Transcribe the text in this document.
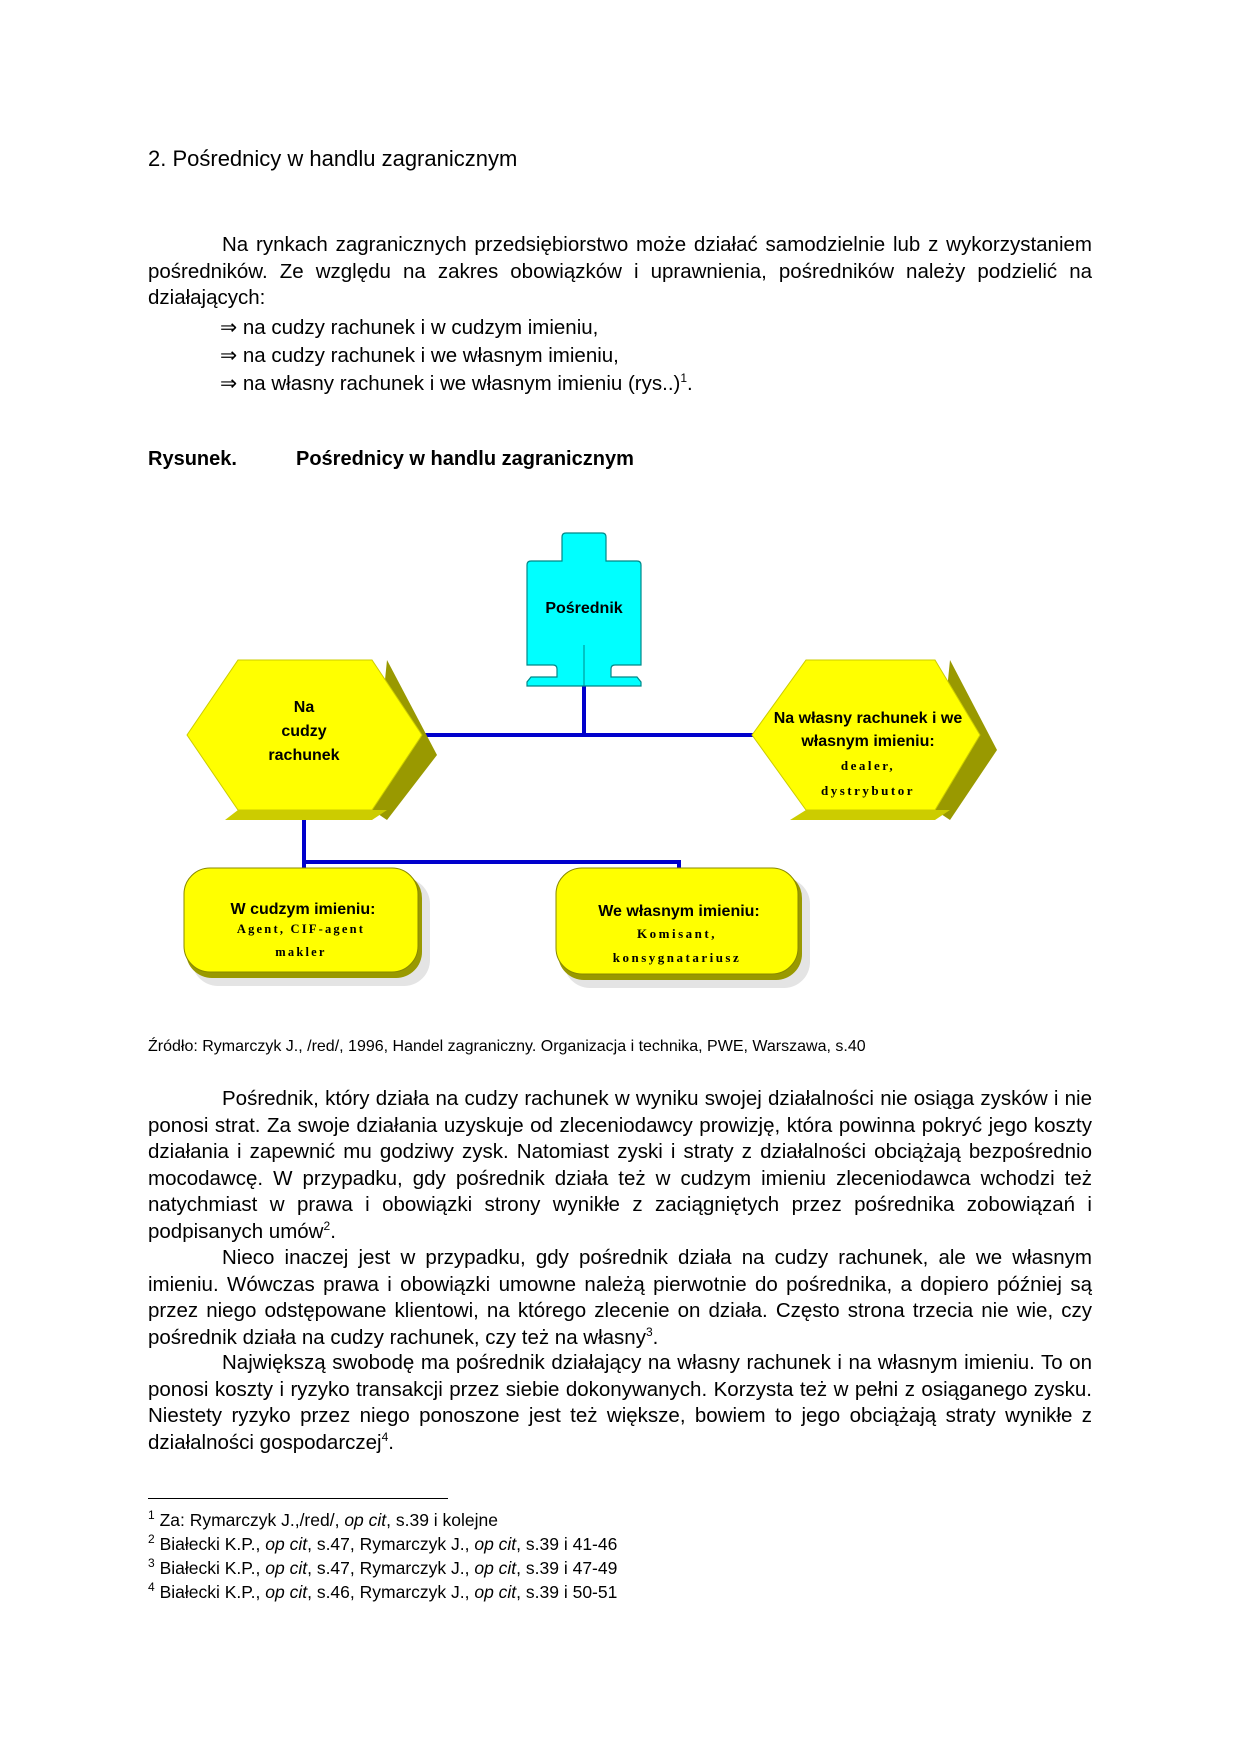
2. Pośrednicy w handlu zagranicznym
Na rynkach zagranicznych przedsiębiorstwo może działać samodzielnie lub z wykorzystaniem pośredników. Ze względu na zakres obowiązków i uprawnienia, pośredników należy podzielić na działających:
⇒ na cudzy rachunek i w cudzym imieniu,
⇒ na cudzy rachunek i we własnym imieniu,
⇒ na własny rachunek i we własnym imieniu $(rys..)^1$.
Rysunek.	Pośrednicy w handlu zagranicznym
Pośrednik
Na
cudzy
rachunek
Na własny rachunek i we
własnym imieniu:
dealer,
dystrybutor
W cudzym imieniu:
Agent, CIF-agent
makler
We własnym imieniu:
Komisant,
konsygnatariusz
Źródło: Rymarczyk J., /red/, 1996, Handel zagraniczny. Organizacja i technika, PWE, Warszawa, s.40
Pośrednik, który działa na cudzy rachunek w wyniku swojej działalności nie osiąga zysków i nie ponosi strat. Za swoje działania uzyskuje od zleceniodawcy prowizję, która powinna pokryć jego koszty działania i zapewnić mu godziwy zysk. Natomiast zyski i straty z działalności obciążają bezpośrednio mocodawcę. W przypadku, gdy pośrednik działa też w cudzym imieniu zleceniodawca wchodzi też natychmiast w prawa i obowiązki strony wynikłe z zaciągniętych przez pośrednika zobowiązań i podpisanych umów$^2$.
Nieco inaczej jest w przypadku, gdy pośrednik działa na cudzy rachunek, ale we własnym imieniu. Wówczas prawa i obowiązki umowne należą pierwotnie do pośrednika, a dopiero później są przez niego odstępowane klientowi, na którego zlecenie on działa. Często strona trzecia nie wie, czy pośrednik działa na cudzy rachunek, czy też na własny$^3$.
Największą swobodę ma pośrednik działający na własny rachunek i na własnym imieniu. To on ponosi koszty i ryzyko transakcji przez siebie dokonywanych. Korzysta też w pełni z osiąganego zysku. Niestety ryzyko przez niego ponoszone jest też większe, bowiem to jego obciążają straty wynikłe z działalności gospodarczej$^4$.
$^1$ Za: Rymarczyk J.,/red/, op cit, s.39 i kolejne
$^2$ Białecki K.P., op cit, s.47, Rymarczyk J., op cit, s.39 i 41-46
$^3$ Białecki K.P., op cit, s.47, Rymarczyk J., op cit, s.39 i 47-49
$^4$ Białecki K.P., op cit, s.46, Rymarczyk J., op cit, s.39 i 50-51
